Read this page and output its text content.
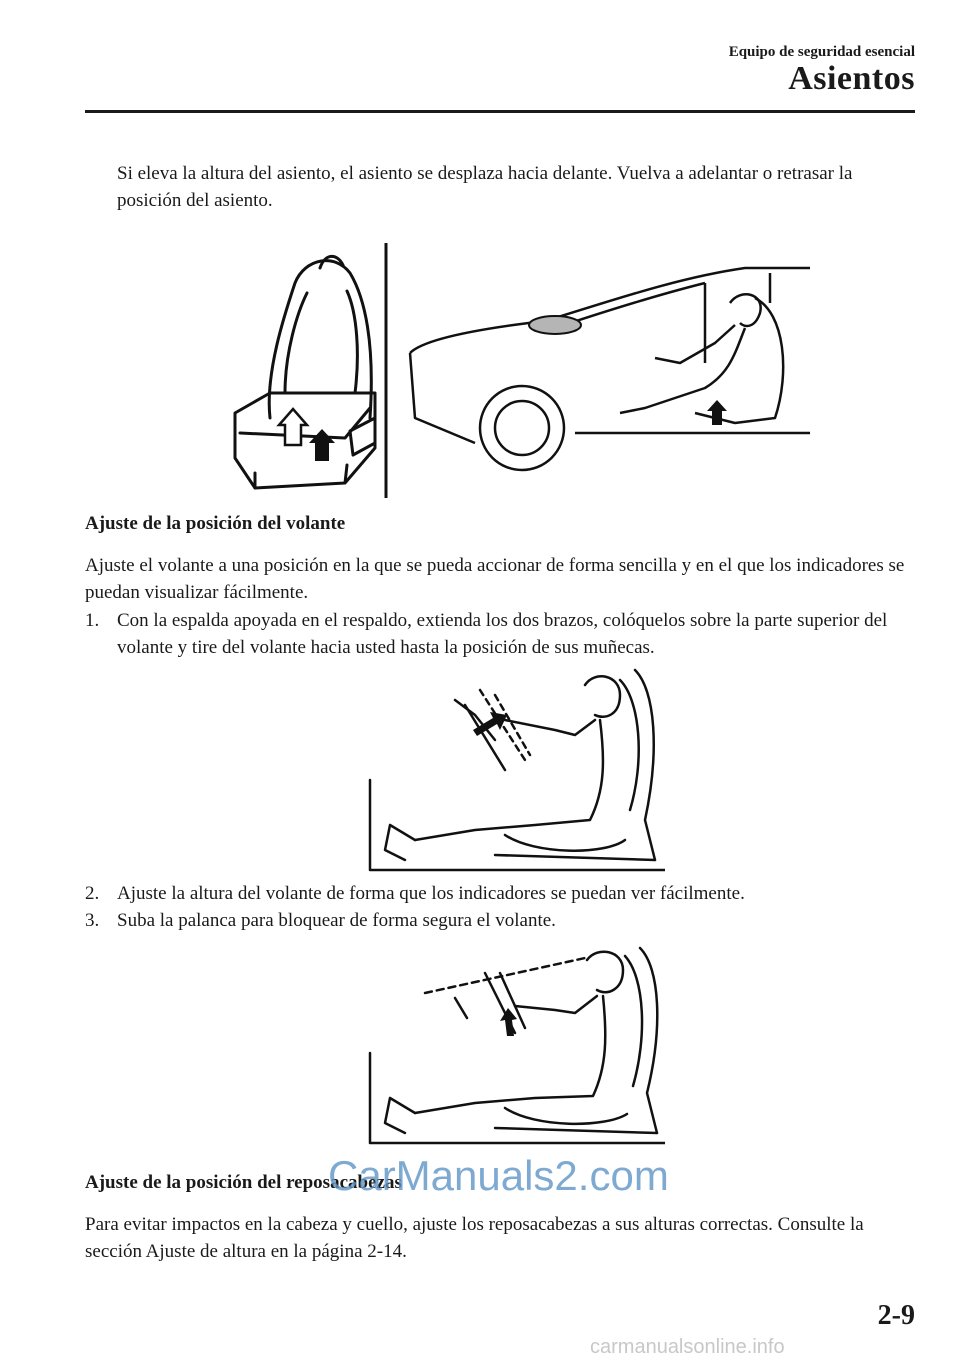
Equipo de seguridad esencial
Asientos

Si eleva la altura del asiento, el asiento se desplaza hacia delante. Vuelva a adelantar o retrasar la posición del asiento.

Ajuste de la posición del volante

Ajuste el volante a una posición en la que se pueda accionar de forma sencilla y en el que los indicadores se puedan visualizar fácilmente.

1. Con la espalda apoyada en el respaldo, extienda los dos brazos, colóquelos sobre la parte superior del volante y tire del volante hacia usted hasta la posición de sus muñecas.
2. Ajuste la altura del volante de forma que los indicadores se puedan ver fácilmente.
3. Suba la palanca para bloquear de forma segura el volante.
Ajuste de la posición del reposacabezas

Para evitar impactos en la cabeza y cuello, ajuste los reposacabezas a sus alturas correctas. Consulte la sección Ajuste de altura en la página 2-14.

CarManuals2.com
2-9
carmanualsonline.info
